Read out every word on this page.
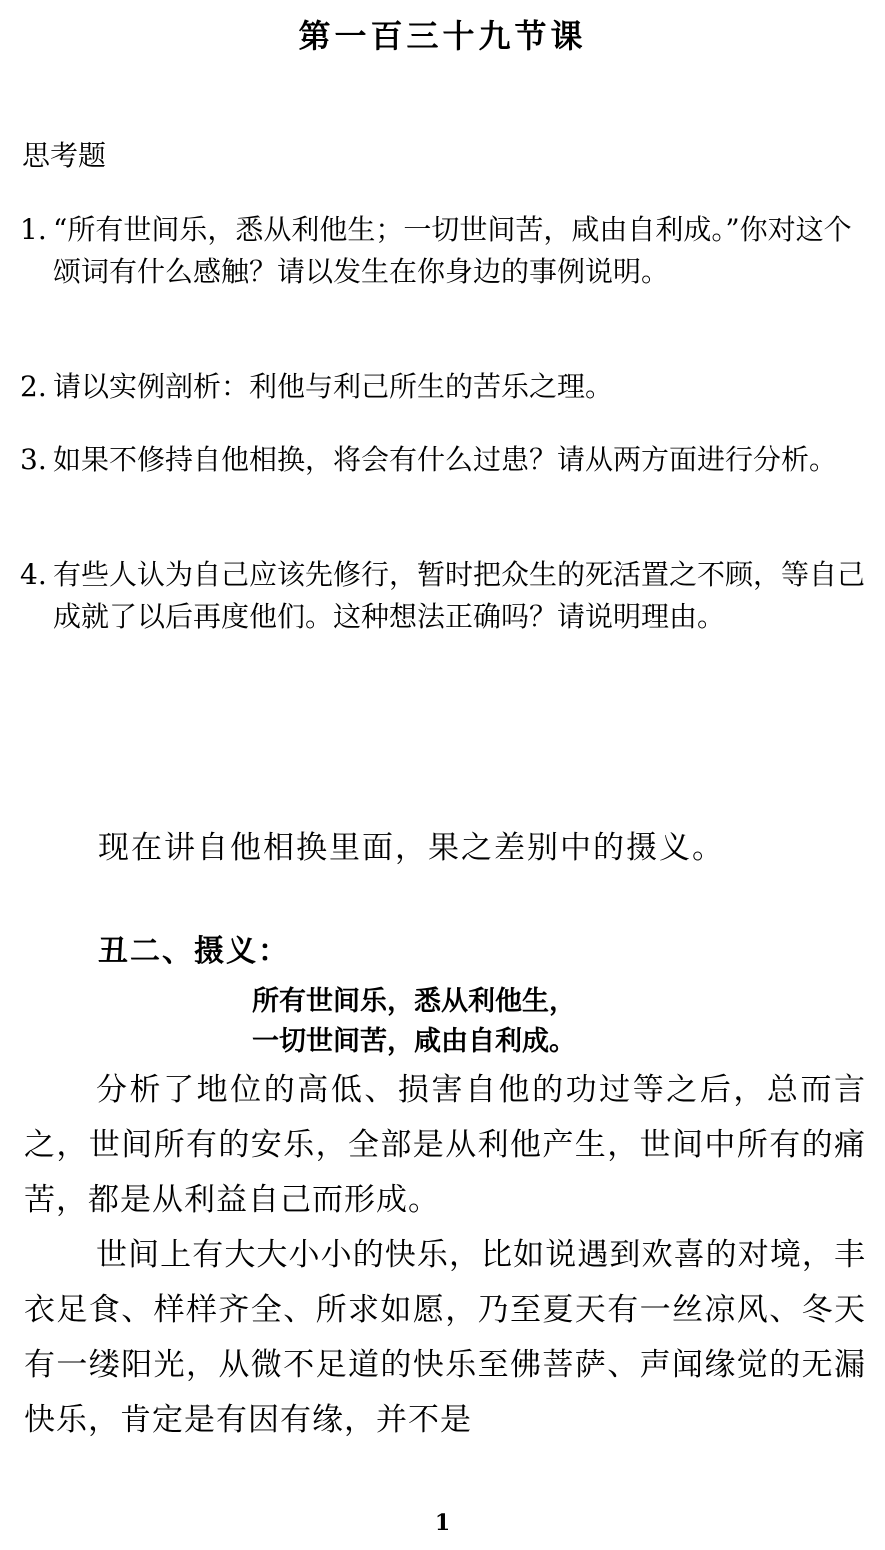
第一百三十九节课
思考题
1. “所有世间乐，悉从利他生；一切世间苦，咸由自利成。”你对这个颂词有什么感触？请以发生在你身边的事例说明。
2. 请以实例剖析：利他与利己所生的苦乐之理。
3. 如果不修持自他相换，将会有什么过患？请从两方面进行分析。
4. 有些人认为自己应该先修行，暂时把众生的死活置之不顾，等自己成就了以后再度他们。这种想法正确吗？请说明理由。
现在讲自他相换里面，果之差别中的摄义。
丑二、摄义：
所有世间乐，悉从利他生，
一切世间苦，咸由自利成。

分析了地位的高低、损害自他的功过等之后，总而言之，世间所有的安乐，全部是从利他产生，世间中所有的痛苦，都是从利益自己而形成。

世间上有大大小小的快乐，比如说遇到欢喜的对境，丰衣足食、样样齐全、所求如愿，乃至夏天有一丝凉风、冬天有一缕阳光，从微不足道的快乐至佛菩萨、声闻缘觉的无漏快乐，肯定是有因有缘，并不是

1
